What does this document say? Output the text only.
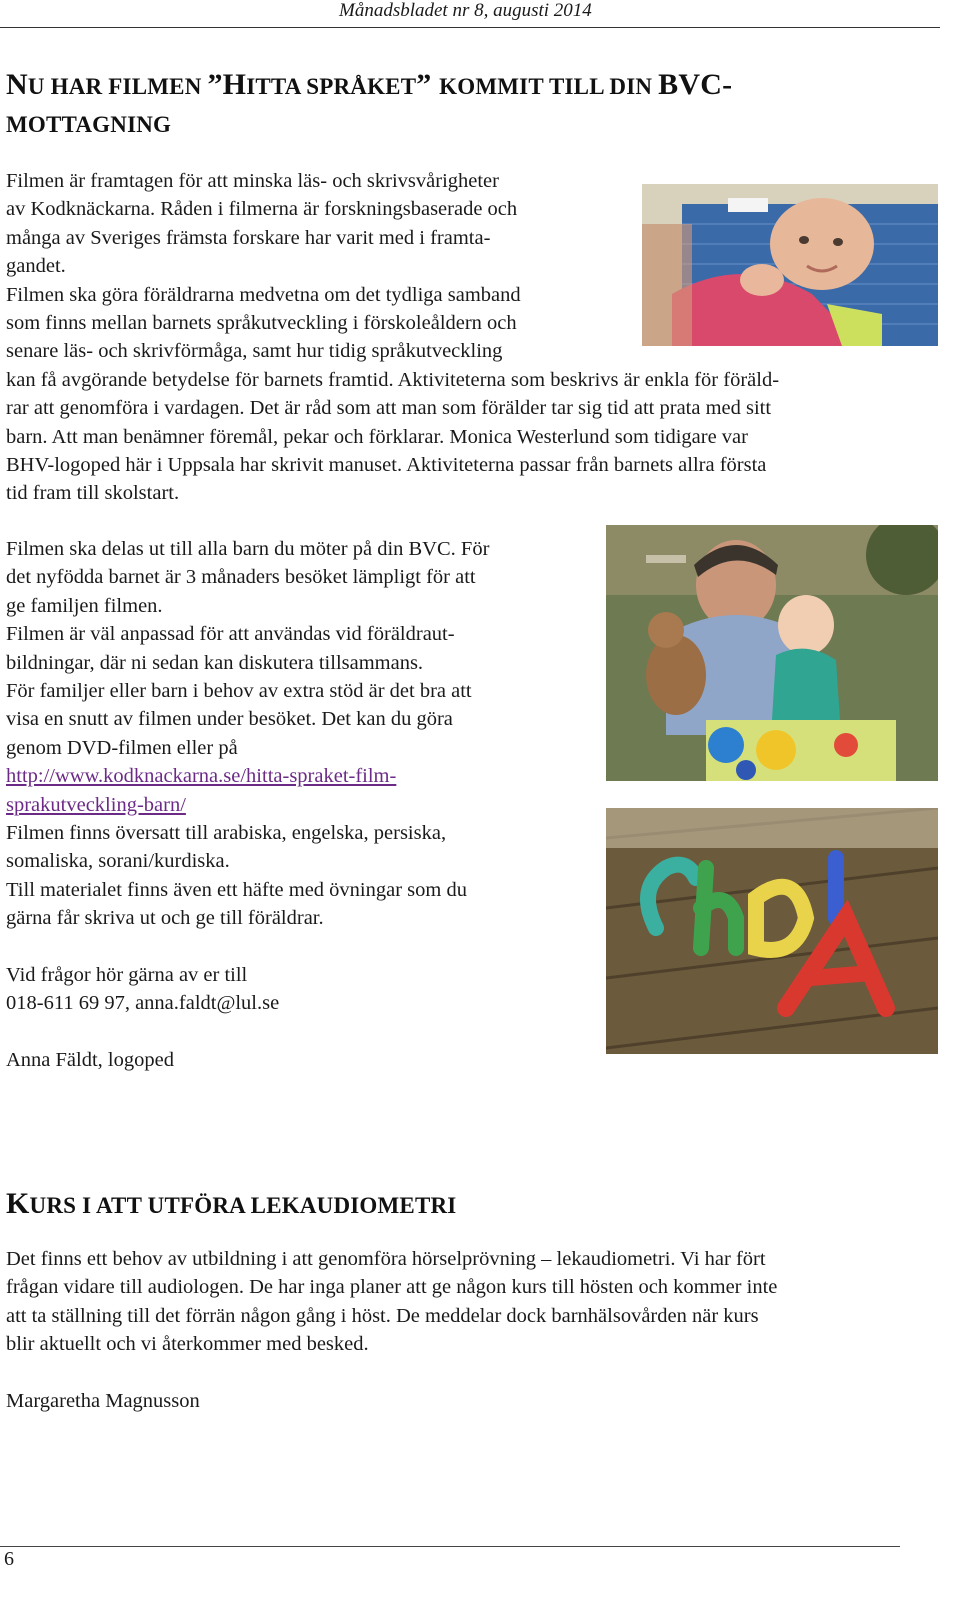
Månadsbladet nr 8, augusti 2014
NU HAR FILMEN ”HITTA SPRÅKET” KOMMIT TILL DIN BVC-
MOTTAGNING

Filmen är framtagen för att minska läs- och skrivsvårigheter

av Kodknäckarna. Råden i filmerna är forskningsbaserade och

många av Sveriges främsta forskare har varit med i framta-

gandet.

Filmen ska göra föräldrarna medvetna om det tydliga samband

som finns mellan barnets språkutveckling i förskoleåldern och

senare läs- och skrivförmåga, samt hur tidig språkutveckling

kan få avgörande betydelse för barnets framtid. Aktiviteterna som beskrivs är enkla för föräld-

rar att genomföra i vardagen. Det är råd som att man som förälder tar sig tid att prata med sitt

barn. Att man benämner föremål, pekar och förklarar. Monica Westerlund som tidigare var

BHV-logoped här i Uppsala har skrivit manuset. Aktiviteterna passar från barnets allra första

tid fram till skolstart.

Filmen ska delas ut till alla barn du möter på din BVC. För

det nyfödda barnet är 3 månaders besöket lämpligt för att

ge familjen filmen.

Filmen är väl anpassad för att användas vid föräldraut-

bildningar, där ni sedan kan diskutera tillsammans.

För familjer eller barn i behov av extra stöd är det bra att

visa en snutt av filmen under besöket. Det kan du göra

genom DVD-filmen eller på

http://www.kodknackarna.se/hitta-spraket-film-

sprakutveckling-barn/

Filmen finns översatt till arabiska, engelska, persiska,

somaliska, sorani/kurdiska.

Till materialet finns även ett häfte med övningar som du

gärna får skriva ut och ge till föräldrar.

Vid frågor hör gärna av er till

018-611 69 97, anna.faldt@lul.se

Anna Fäldt, logoped

KURS I ATT UTFÖRA LEKAUDIOMETRI

Det finns ett behov av utbildning i att genomföra hörselprövning – lekaudiometri. Vi har fört

frågan vidare till audiologen. De har inga planer att ge någon kurs till hösten och kommer inte

att ta ställning till det förrän någon gång i höst. De meddelar dock barnhälsovården när kurs

blir aktuellt och vi återkommer med besked.

Margaretha Magnusson

6
